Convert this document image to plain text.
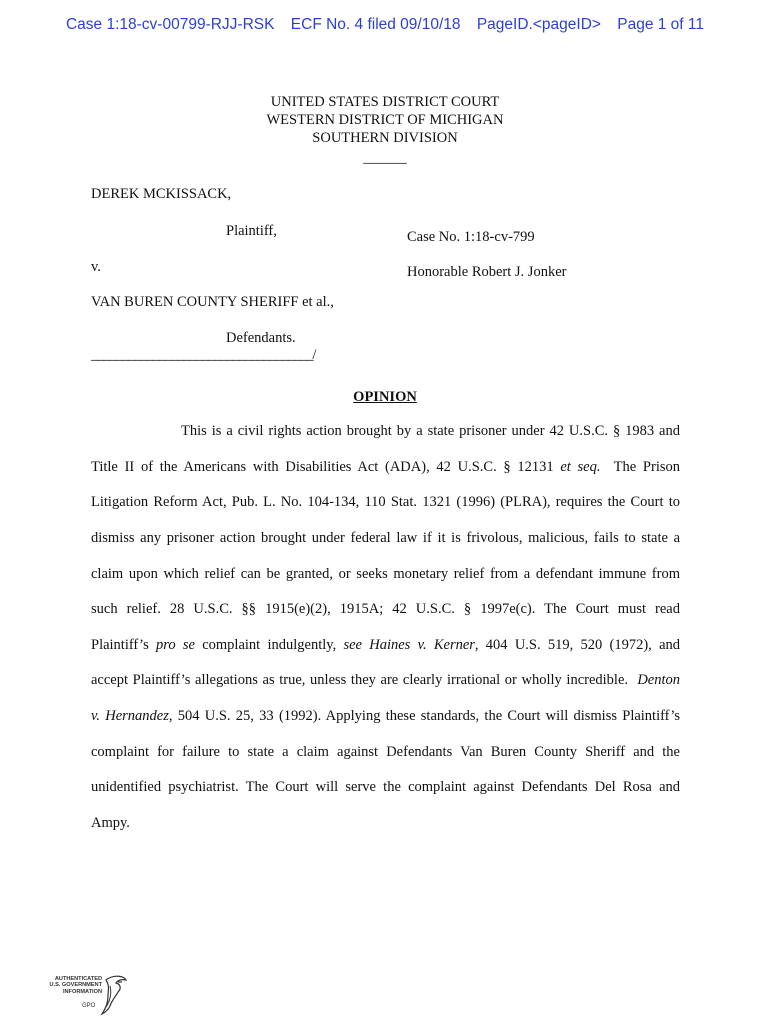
Case 1:18-cv-00799-RJJ-RSK ECF No. 4 filed 09/10/18 PageID.<pageID> Page 1 of 11
UNITED STATES DISTRICT COURT
WESTERN DISTRICT OF MICHIGAN
SOUTHERN DIVISION
______
DEREK MCKISSACK,
Plaintiff,	Case No. 1:18-cv-799
v.	Honorable Robert J. Jonker
VAN BUREN COUNTY SHERIFF et al.,
Defendants.
____________________________________/
OPINION
This is a civil rights action brought by a state prisoner under 42 U.S.C. § 1983 and
Title II of the Americans with Disabilities Act (ADA), 42 U.S.C. § 12131 et seq. The Prison
Litigation Reform Act, Pub. L. No. 104-134, 110 Stat. 1321 (1996) (PLRA), requires the Court to
dismiss any prisoner action brought under federal law if it is frivolous, malicious, fails to state a
claim upon which relief can be granted, or seeks monetary relief from a defendant immune from
such relief. 28 U.S.C. §§ 1915(e)(2), 1915A; 42 U.S.C. § 1997e(c). The Court must read
Plaintiff’s pro se complaint indulgently, see Haines v. Kerner, 404 U.S. 519, 520 (1972), and
accept Plaintiff’s allegations as true, unless they are clearly irrational or wholly incredible. Denton
v. Hernandez, 504 U.S. 25, 33 (1992). Applying these standards, the Court will dismiss Plaintiff’s
complaint for failure to state a claim against Defendants Van Buren County Sheriff and the
unidentified psychiatrist. The Court will serve the complaint against Defendants Del Rosa and
Ampy.
AUTHENTICATED
U.S. GOVERNMENT
INFORMATION
GPO
